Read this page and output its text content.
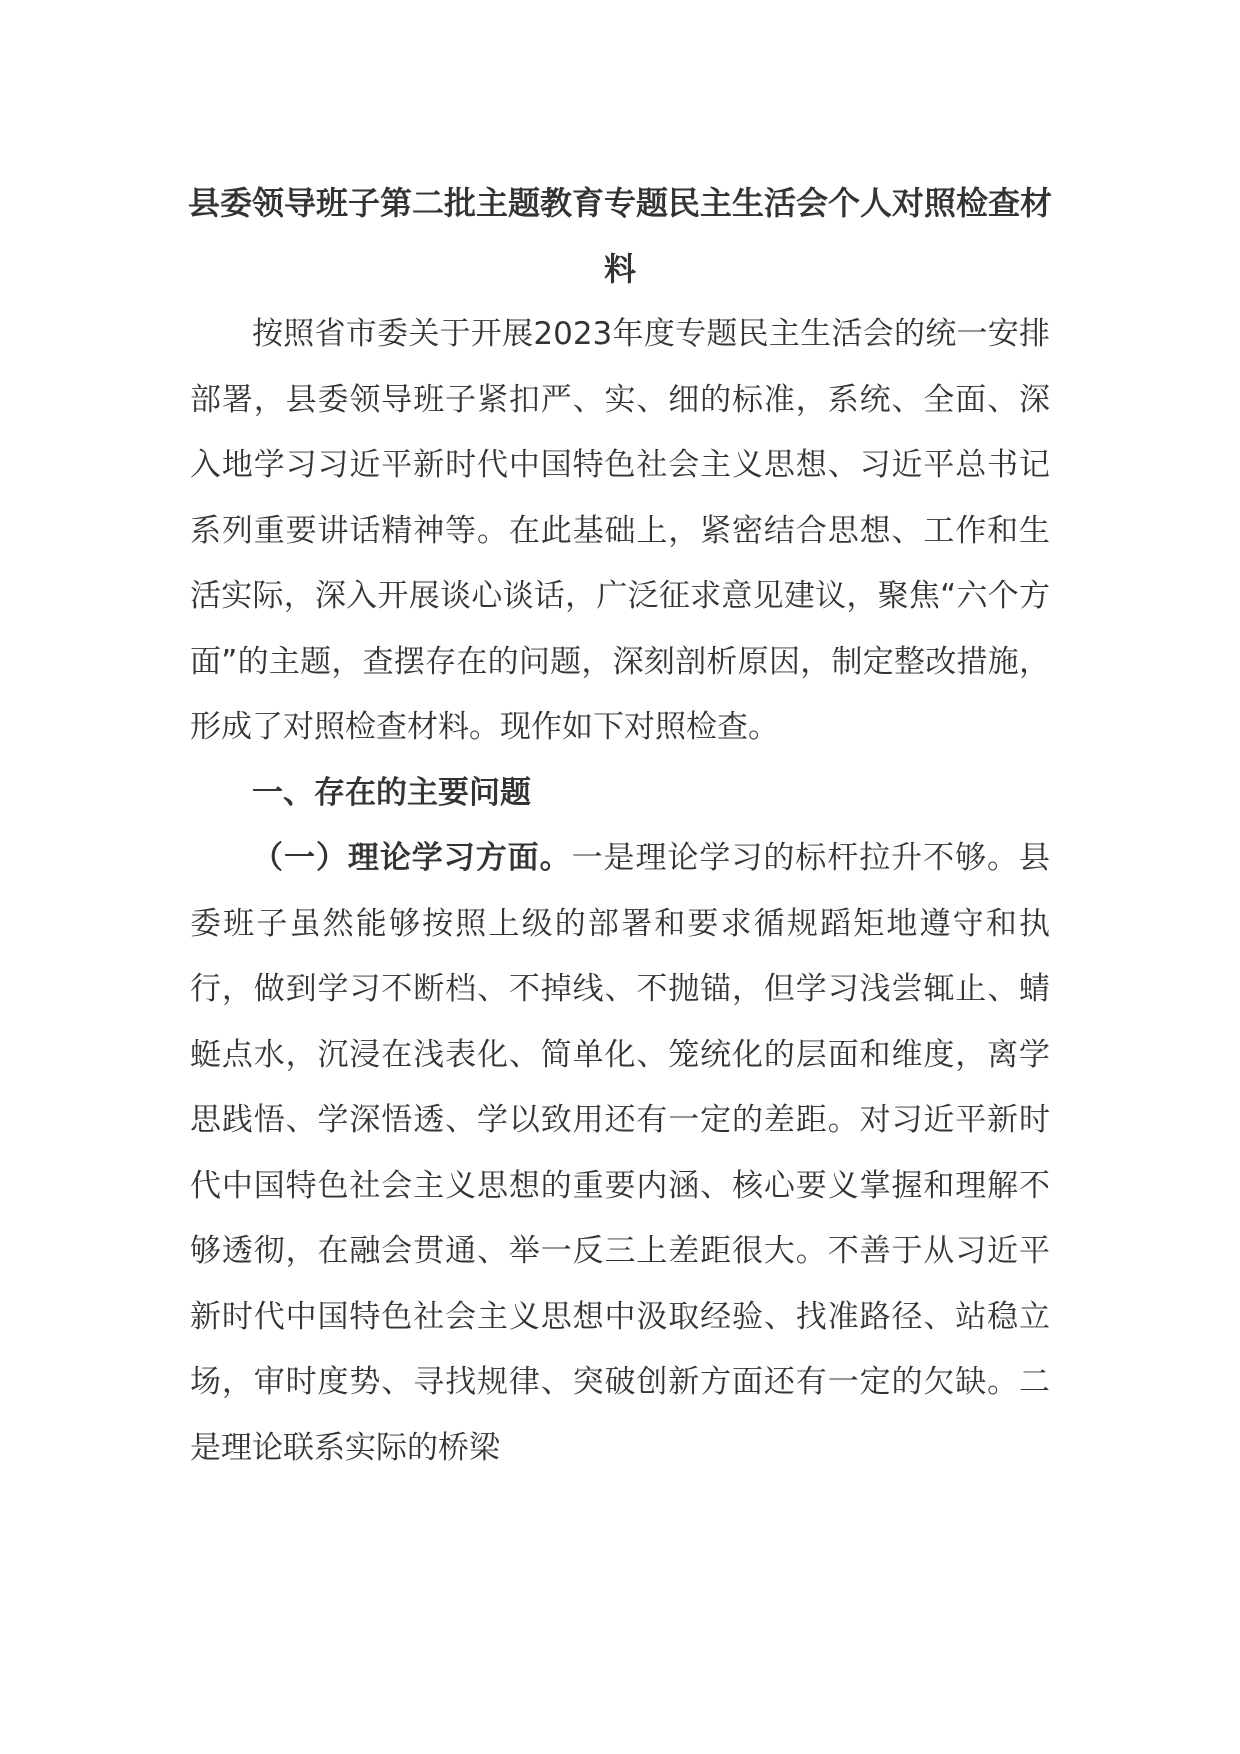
县委领导班子第二批主题教育专题民主生活会个人对照检查材料

按照省市委关于开展2023年度专题民主生活会的统一安排部署，县委领导班子紧扣严、实、细的标准，系统、全面、深入地学习习近平新时代中国特色社会主义思想、习近平总书记系列重要讲话精神等。在此基础上，紧密结合思想、工作和生活实际，深入开展谈心谈话，广泛征求意见建议，聚焦“六个方面”的主题，查摆存在的问题，深刻剖析原因，制定整改措施，形成了对照检查材料。现作如下对照检查。

一、存在的主要问题

（一）理论学习方面。一是理论学习的标杆拉升不够。县委班子虽然能够按照上级的部署和要求循规蹈矩地遵守和执行，做到学习不断档、不掉线、不抛锚，但学习浅尝辄止、蜻蜓点水，沉浸在浅表化、简单化、笼统化的层面和维度，离学思践悟、学深悟透、学以致用还有一定的差距。对习近平新时代中国特色社会主义思想的重要内涵、核心要义掌握和理解不够透彻，在融会贯通、举一反三上差距很大。不善于从习近平新时代中国特色社会主义思想中汲取经验、找准路径、站稳立场，审时度势、寻找规律、突破创新方面还有一定的欠缺。二是理论联系实际的桥梁
